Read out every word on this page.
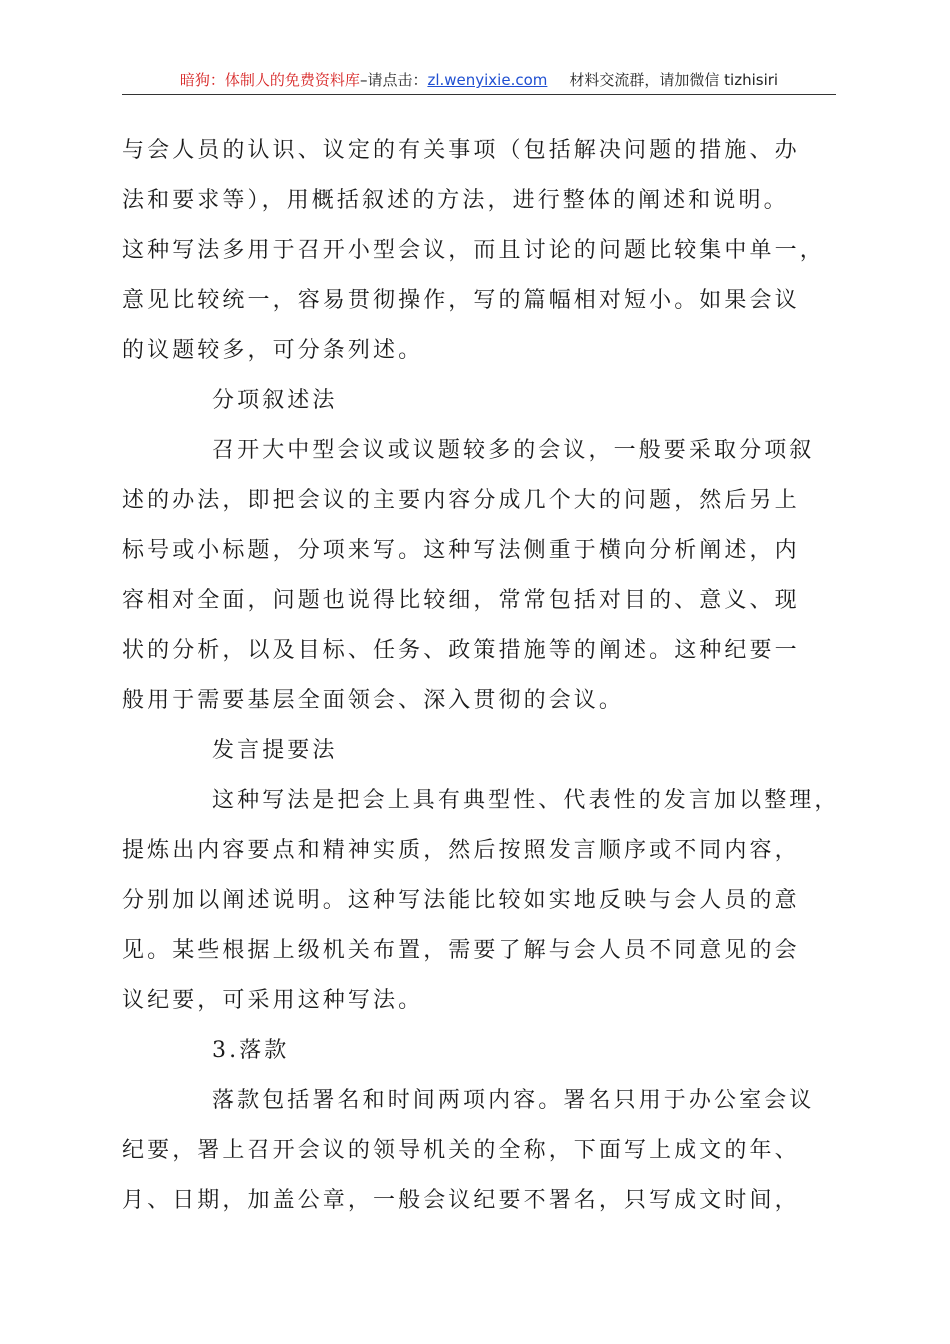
暗狗：体制人的免费资料库–请点击：zl.wenyixie.com 材料交流群，请加微信 tizhisiri
与会人员的认识、议定的有关事项（包括解决问题的措施、办
法和要求等），用概括叙述的方法，进行整体的阐述和说明。
这种写法多用于召开小型会议，而且讨论的问题比较集中单一，
意见比较统一，容易贯彻操作，写的篇幅相对短小。如果会议
的议题较多，可分条列述。
分项叙述法
召开大中型会议或议题较多的会议，一般要采取分项叙
述的办法，即把会议的主要内容分成几个大的问题，然后另上
标号或小标题，分项来写。这种写法侧重于横向分析阐述，内
容相对全面，问题也说得比较细，常常包括对目的、意义、现
状的分析，以及目标、任务、政策措施等的阐述。这种纪要一
般用于需要基层全面领会、深入贯彻的会议。
发言提要法
这种写法是把会上具有典型性、代表性的发言加以整理，
提炼出内容要点和精神实质，然后按照发言顺序或不同内容，
分别加以阐述说明。这种写法能比较如实地反映与会人员的意
见。某些根据上级机关布置，需要了解与会人员不同意见的会
议纪要，可采用这种写法。
3.落款
落款包括署名和时间两项内容。署名只用于办公室会议
纪要，署上召开会议的领导机关的全称，下面写上成文的年、
月、日期，加盖公章，一般会议纪要不署名，只写成文时间，
